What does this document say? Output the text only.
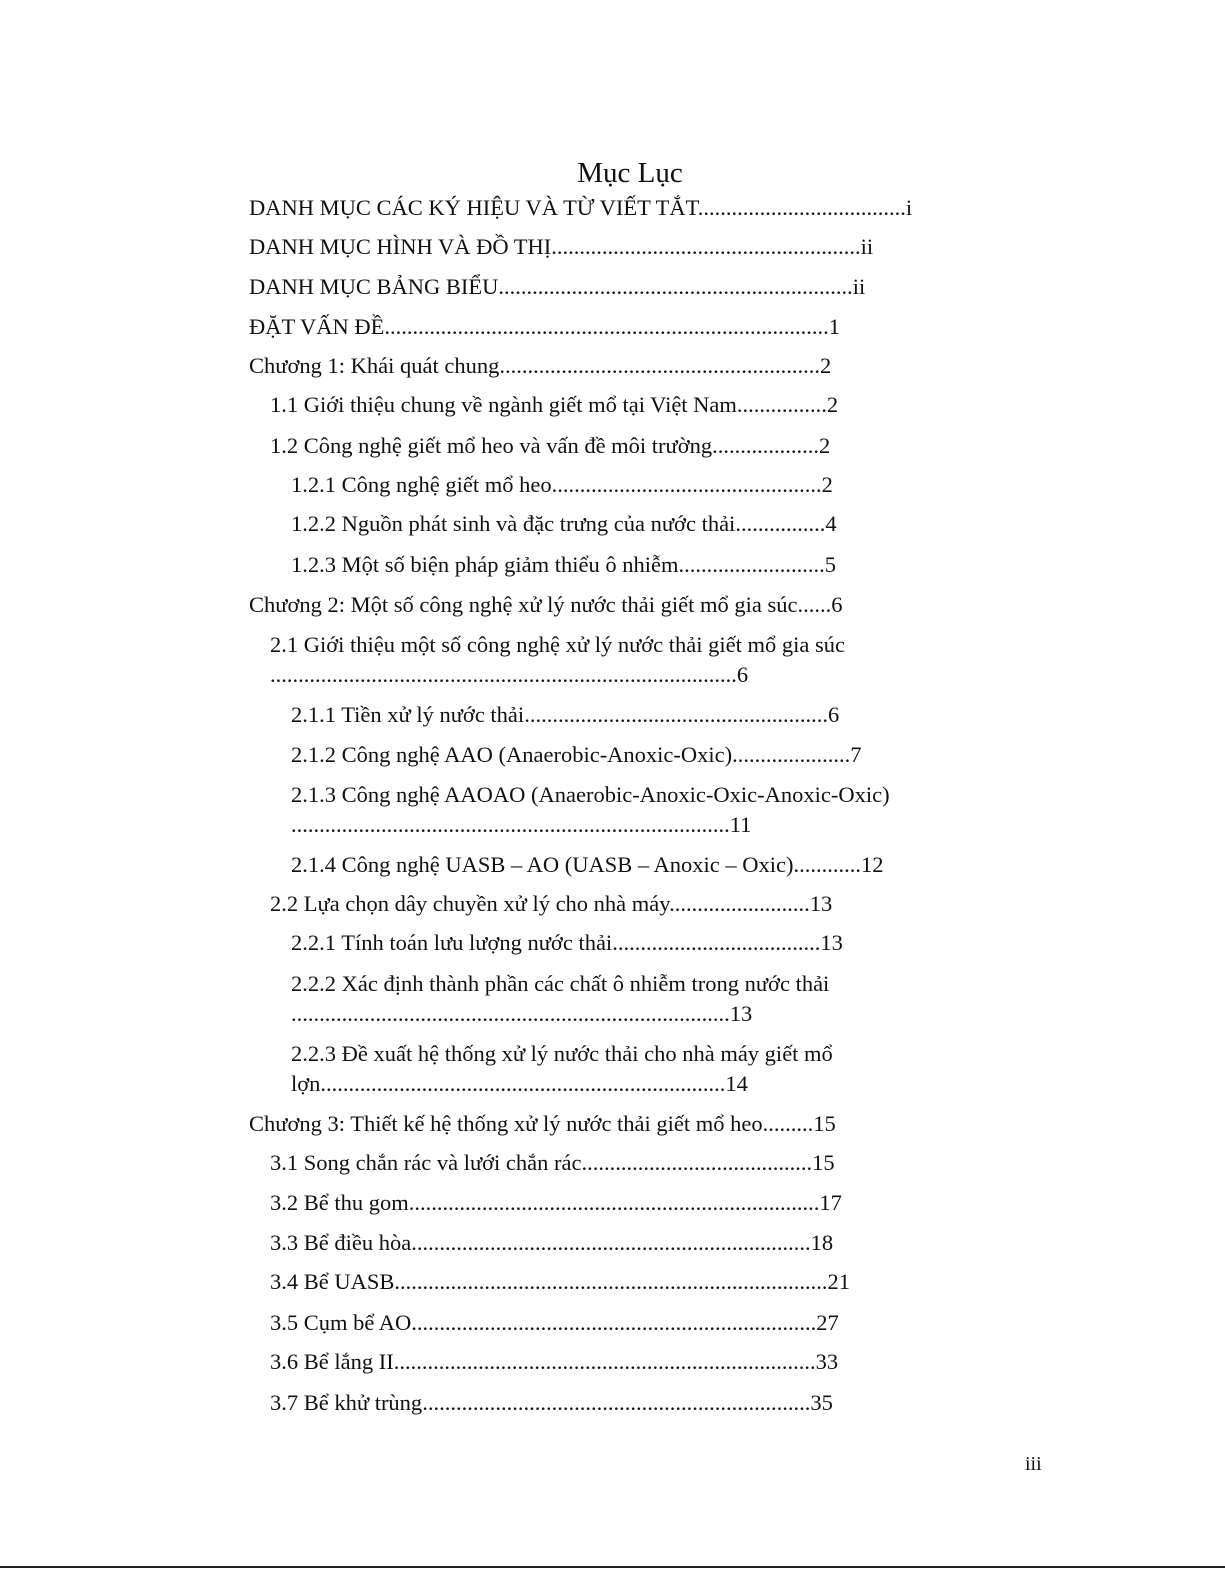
Mục Lục
DANH MỤC CÁC KÝ HIỆU VÀ TỪ VIẾT TẮT.....................................i
DANH MỤC HÌNH VÀ ĐỒ THỊ.......................................................ii
DANH MỤC BẢNG BIỂU...............................................................ii
ĐẶT VẤN ĐỀ...............................................................................1
Chương 1: Khái quát chung.........................................................2
1.1 Giới thiệu chung về ngành giết mổ tại Việt Nam................2
1.2 Công nghệ giết mổ heo và vấn đề môi trường...................2
1.2.1 Công nghệ giết mổ heo................................................2
1.2.2 Nguồn phát sinh và đặc trưng của nước thải................4
1.2.3 Một số biện pháp giảm thiểu ô nhiễm..........................5
Chương 2: Một số công nghệ xử lý nước thải giết mổ gia súc......6
2.1 Giới thiệu một số công nghệ xử lý nước thải giết mổ gia súc
...................................................................................6
2.1.1 Tiền xử lý nước thải......................................................6
2.1.2 Công nghệ AAO (Anaerobic-Anoxic-Oxic).....................7
2.1.3 Công nghệ AAOAO (Anaerobic-Anoxic-Oxic-Anoxic-Oxic)
..............................................................................11
2.1.4 Công nghệ UASB – AO (UASB – Anoxic – Oxic)............12
2.2 Lựa chọn dây chuyền xử lý cho nhà máy.........................13
2.2.1 Tính toán lưu lượng nước thải.....................................13
2.2.2 Xác định thành phần các chất ô nhiễm trong nước thải
..............................................................................13
2.2.3 Đề xuất hệ thống xử lý nước thải cho nhà máy giết mổ
lợn........................................................................14
Chương 3: Thiết kế hệ thống xử lý nước thải giết mổ heo.........15
3.1 Song chắn rác và lưới chắn rác.........................................15
3.2 Bể thu gom.........................................................................17
3.3 Bể điều hòa.......................................................................18
3.4 Bể UASB.............................................................................21
3.5 Cụm bể AO........................................................................27
3.6 Bể lắng II...........................................................................33
3.7 Bể khử trùng.....................................................................35
iii
